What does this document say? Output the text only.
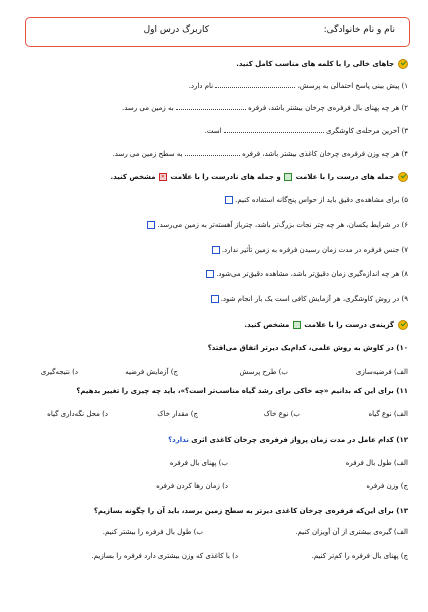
نام و نام خانوادگی:
کاربرگ درس اول
جاهای خالی را با کلمه های مناسب کامل کنید.
۱) پیش بینی پاسخ احتمالی به پرسش،  نام دارد.
۲) هر چه پهنای بال فرفره‌ی چرخان بیشتر باشد، فرفره  به زمین می رسد.
۳) آخرین مرحله‌ی کاوشگری  است.
۴) هر چه وزن فرفره‌ی چرخان کاغذی بیشتر باشد، فرفره  به سطح زمین می رسد.
جمله های درست را با علامت  و جمله های نادرست را با علامت ✕ مشخص کنید.
۵) برای مشاهده‌ی دقیق باید از حواس پنج‌گانه استفاده کنیم.
۶) در شرایط یکسان، هر چه چتر نجات بزرگ‌تر باشد، چترباز آهسته‌تر به زمین می‌رسد.
۷) جنس فرفره در مدت زمان رسیدن فرفره به زمین تأثیر ندارد.
۸) هر چه اندازه‌گیری زمان دقیق‌تر باشد، مشاهده دقیق‌تر می‌شود.
۹) در روش کاوشگری، هر آزمایش کافی است یک بار انجام شود.
گزینه‌ی درست را با علامت  مشخص کنید.
۱۰) در کاوش به روش علمی، کدام‌یک دیرتر اتفاق می‌افتد؟
الف) فرضیه‌سازی
ب) طرح پرسش
ج) آزمایش فرضیه
د) نتیجه‌گیری
۱۱) برای این که بدانیم «چه خاکی برای رشد گیاه مناسب‌تر است؟»، باید چه چیزی را تغییر بدهیم؟
الف) نوع گیاه
ب) نوع خاک
ج) مقدار خاک
د) محل نگه‌داری گیاه
۱۲) کدام عامل در مدت زمان پرواز فرفره‌ی چرخان کاغذی اثری ندارد؟
الف) طول بال فرفره
ب) پهنای بال فرفره
ج) وزن فرفره
د) زمان رها کردن فرفره
۱۳) برای این‌که فرفره‌ی چرخان کاغذی دیرتر به سطح زمین برسد، باید آن را چگونه بسازیم؟
الف) گیره‌ی بیشتری از آن آویزان کنیم.
ب) طول بال فرفره را بیشتر کنیم.
ج) پهنای بال فرفره را کم‌تر کنیم.
د) با کاغذی که وزن بیشتری دارد فرفره را بسازیم.
